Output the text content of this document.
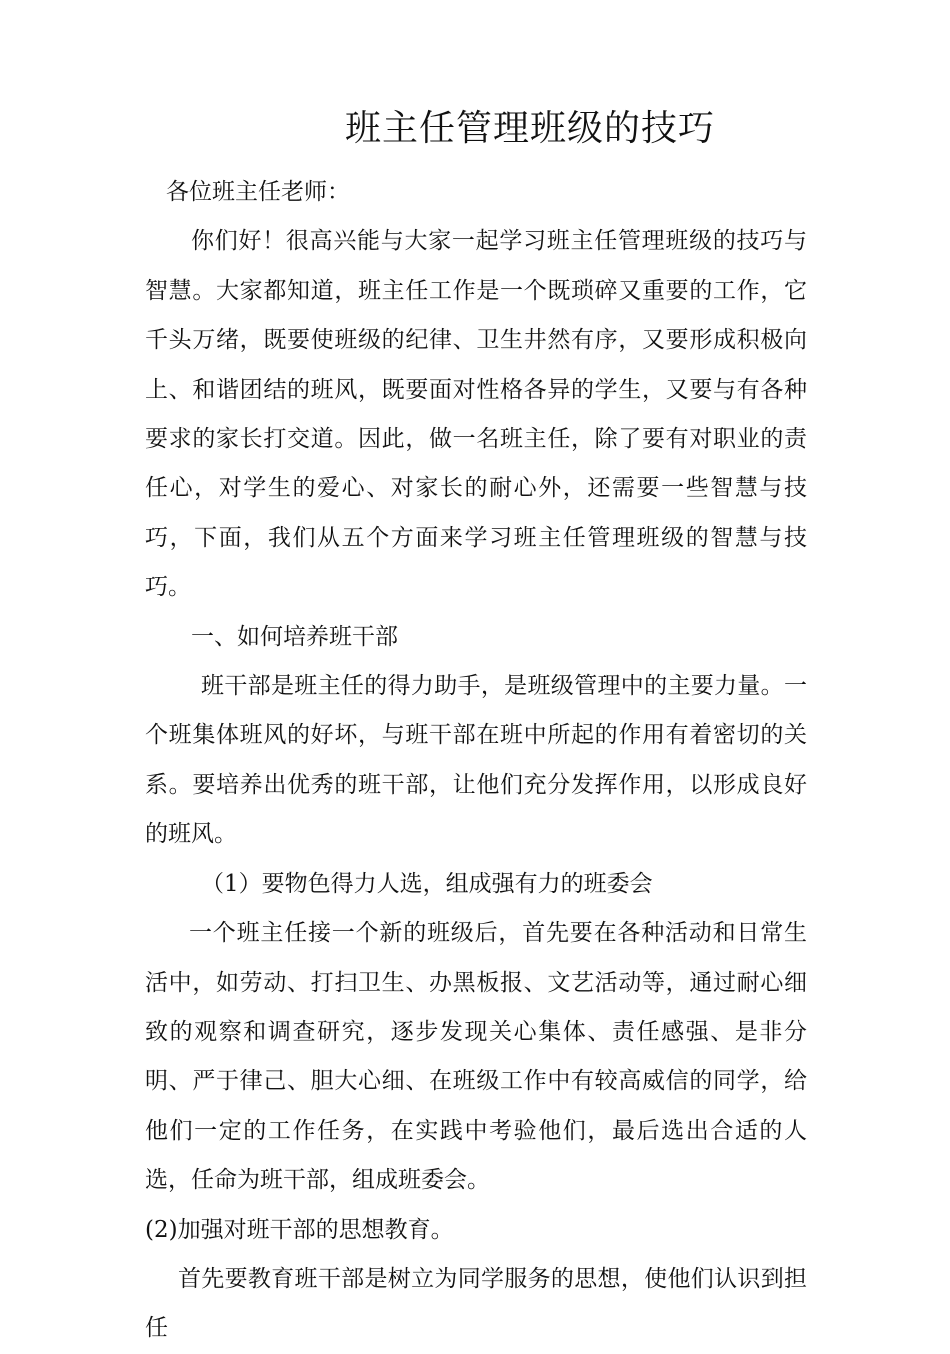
班主任管理班级的技巧

各位班主任老师：

你们好！很高兴能与大家一起学习班主任管理班级的技巧与智慧。大家都知道，班主任工作是一个既琐碎又重要的工作，它千头万绪，既要使班级的纪律、卫生井然有序，又要形成积极向上、和谐团结的班风，既要面对性格各异的学生，又要与有各种要求的家长打交道。因此，做一名班主任，除了要有对职业的责任心，对学生的爱心、对家长的耐心外，还需要一些智慧与技巧，下面，我们从五个方面来学习班主任管理班级的智慧与技巧。

一、如何培养班干部

班干部是班主任的得力助手，是班级管理中的主要力量。一个班集体班风的好坏，与班干部在班中所起的作用有着密切的关系。要培养出优秀的班干部，让他们充分发挥作用，以形成良好的班风。

（1）要物色得力人选，组成强有力的班委会

一个班主任接一个新的班级后，首先要在各种活动和日常生活中，如劳动、打扫卫生、办黑板报、文艺活动等，通过耐心细致的观察和调查研究，逐步发现关心集体、责任感强、是非分明、严于律己、胆大心细、在班级工作中有较高威信的同学，给他们一定的工作任务，在实践中考验他们，最后选出合适的人选，任命为班干部，组成班委会。

(2)加强对班干部的思想教育。

首先要教育班干部是树立为同学服务的思想，使他们认识到担任
